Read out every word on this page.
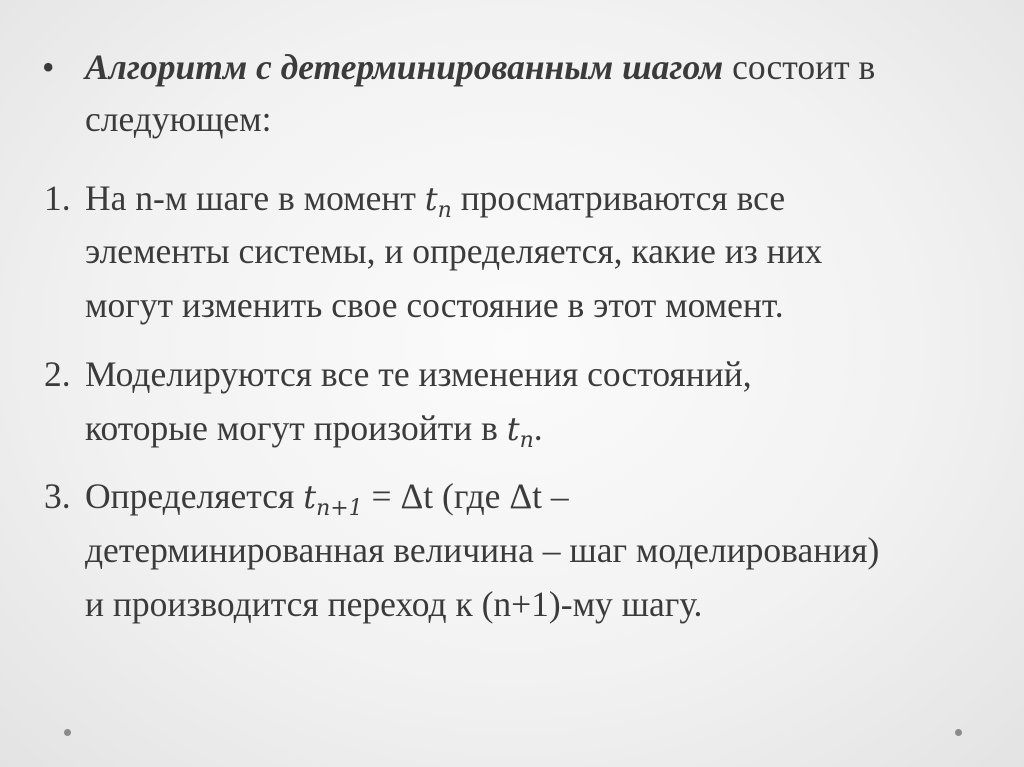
• Алгоритм с детерминированным шагом состоит в
следующем:
1. На n-м шаге в момент $t_n$ просматриваются все
элементы системы, и определяется, какие из них
могут изменить свое состояние в этот момент.
2. Моделируются все те изменения состояний,
которые могут произойти в $t_n$.
3. Определяется $t_{n+1} = \Delta t$ (где Δt –
детерминированная величина – шаг моделирования)
и производится переход к (n+1)-му шагу.
